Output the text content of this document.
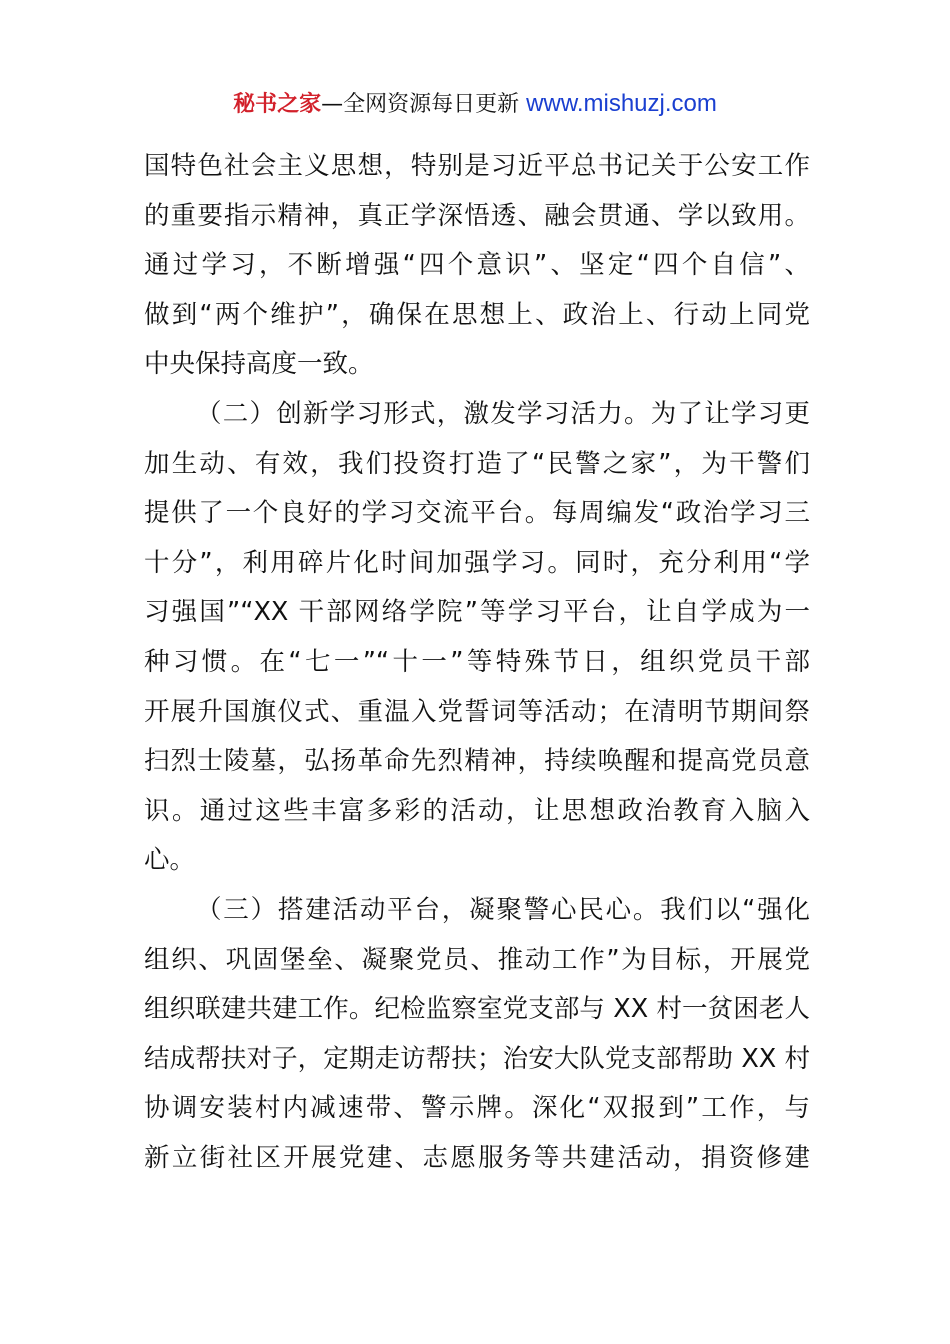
秘书之家—全网资源每日更新 www.mishuzj.com
国特色社会主义思想，特别是习近平总书记关于公安工作
的重要指示精神，真正学深悟透、融会贯通、学以致用。
通过学习，不断增强“四个意识”、坚定“四个自信”、
做到“两个维护”，确保在思想上、政治上、行动上同党
中央保持高度一致。
（二）创新学习形式，激发学习活力。为了让学习更
加生动、有效，我们投资打造了“民警之家”，为干警们
提供了一个良好的学习交流平台。每周编发“政治学习三
十分”，利用碎片化时间加强学习。同时，充分利用“学
习强国”“XX 干部网络学院”等学习平台，让自学成为一
种习惯。在“七一”“十一”等特殊节日，组织党员干部
开展升国旗仪式、重温入党誓词等活动；在清明节期间祭
扫烈士陵墓，弘扬革命先烈精神，持续唤醒和提高党员意
识。通过这些丰富多彩的活动，让思想政治教育入脑入
心。
（三）搭建活动平台，凝聚警心民心。我们以“强化
组织、巩固堡垒、凝聚党员、推动工作”为目标，开展党
组织联建共建工作。纪检监察室党支部与 XX 村一贫困老人
结成帮扶对子，定期走访帮扶；治安大队党支部帮助 XX 村
协调安装村内减速带、警示牌。深化“双报到”工作，与
新立街社区开展党建、志愿服务等共建活动，捐资修建
